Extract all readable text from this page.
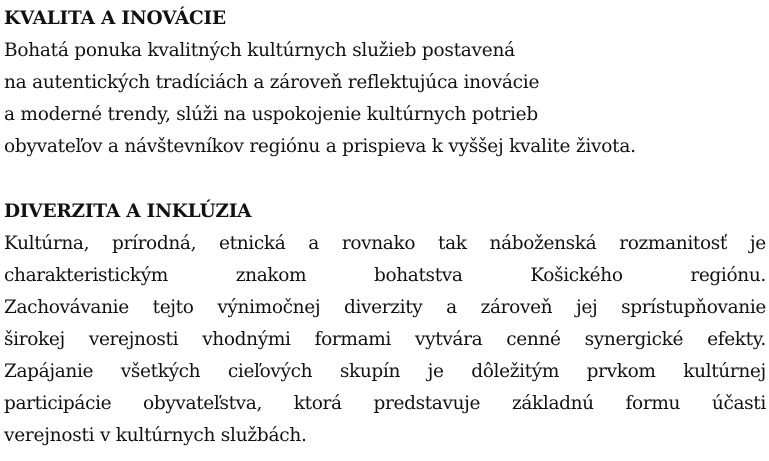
KVALITA A INOVÁCIE
Bohatá ponuka kvalitných kultúrnych služieb postavená
na autentických tradíciách a zároveň reflektujúca inovácie
a moderné trendy, slúži na uspokojenie kultúrnych potrieb
obyvateľov a návštevníkov regiónu a prispieva k vyššej kvalite života.
DIVERZITA A INKLÚZIA
Kultúrna, prírodná, etnická a rovnako tak náboženská rozmanitosť je
charakteristickým	znakom	bohatstva	Košického	regiónu.
Zachovávanie tejto výnimočnej diverzity a zároveň jej sprístupňovanie
širokej verejnosti vhodnými formami vytvára cenné synergické efekty.
Zapájanie všetkých cieľových skupín je dôležitým prvkom kultúrnej
participácie obyvateľstva, ktorá predstavuje základnú formu účasti
verejnosti v kultúrnych službách.
